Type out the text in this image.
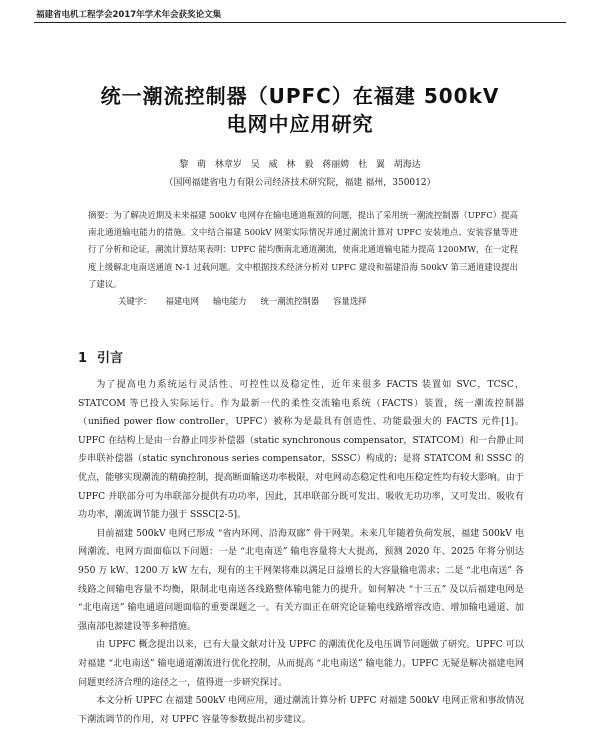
福建省电机工程学会2017年学术年会获奖论文集
统一潮流控制器（UPFC）在福建 500kV
电网中应用研究
黎 萌 林章岁 吴 威 林 毅 蒋丽娉 杜 翼 胡海达
（国网福建省电力有限公司经济技术研究院，福建 福州，350012）

摘要：为了解决近期及未来福建 500kV 电网存在输电通道瓶颈的问题，提出了采用统一潮流控制器（UPFC）提高南北通道输电能力的措施。文中结合福建 500kV 网架实际情况并通过潮流计算对 UPFC 安装地点、安装容量等进行了分析和论证，潮流计算结果表明：UPFC 能均衡南北通道潮流，使南北通道输电能力提高 1200MW，在一定程度上缓解北电南送通道 N-1 过载问题。文中根据技术经济分析对 UPFC 建设和福建沿海 500kV 第三通道建设提出了建议。

关键字： 福建电网 输电能力 统一潮流控制器 容量选择
1 引言

为了提高电力系统运行灵活性、可控性以及稳定性，近年来很多 FACTS 装置如 SVC，TCSC，STATCOM 等已投入实际运行。作为最新一代的柔性交流输电系统（FACTS）装置，统一潮流控制器（unified power flow controller，UPFC）被称为是最具有创造性、功能最强大的 FACTS 元件[1]。UPFC 在结构上是由一台静止同步补偿器（static synchronous compensator，STATCOM）和一台静止同步串联补偿器（static synchronous series compensator，SSSC）构成的；是将 STATCOM 和 SSSC 的优点，能够实现潮流的精确控制，提高断面输送功率极限，对电网动态稳定性和电压稳定性均有较大影响。由于 UPFC 并联部分可为串联部分提供有功功率，因此，其串联部分既可发出、吸收无功功率，又可发出、吸收有功功率，潮流调节能力强于 SSSC[2-5]。

目前福建 500kV 电网已形成 “省内环网、沿海双廊” 骨干网架。未来几年随着负荷发展，福建 500kV 电网潮流、电网方面面临以下问题：一是 “北电南送” 输电容量将大大提高，预测 2020 年、2025 年将分别达 950 万 kW、1200 万 kW 左右，现有的主干网架将难以满足日益增长的大容量输电需求；二是 “北电南送” 各线路之间输电容量不均衡，限制北电南送各线路整体输电能力的提升。如何解决 “十三五” 及以后福建电网是 “北电南送” 输电通道问题面临的重要课题之一。有关方面正在研究论证输电线路增容改造、增加输电通道、加强南部电源建设等多种措施。

由 UPFC 概念提出以来，已有大量文献对计及 UPFC 的潮流优化及电压调节问题做了研究。UPFC 可以对福建 “北电南送” 输电通道潮流进行优化控制，从而提高 “北电南送” 输电能力。UPFC 无疑是解决福建电网问题更经济合理的途径之一，值得进一步研究探讨。

本文分析 UPFC 在福建 500kV 电网应用，通过潮流计算分析 UPFC 对福建 500kV 电网正常和事故情况下潮流调节的作用，对 UPFC 容量等参数提出初步建议。
